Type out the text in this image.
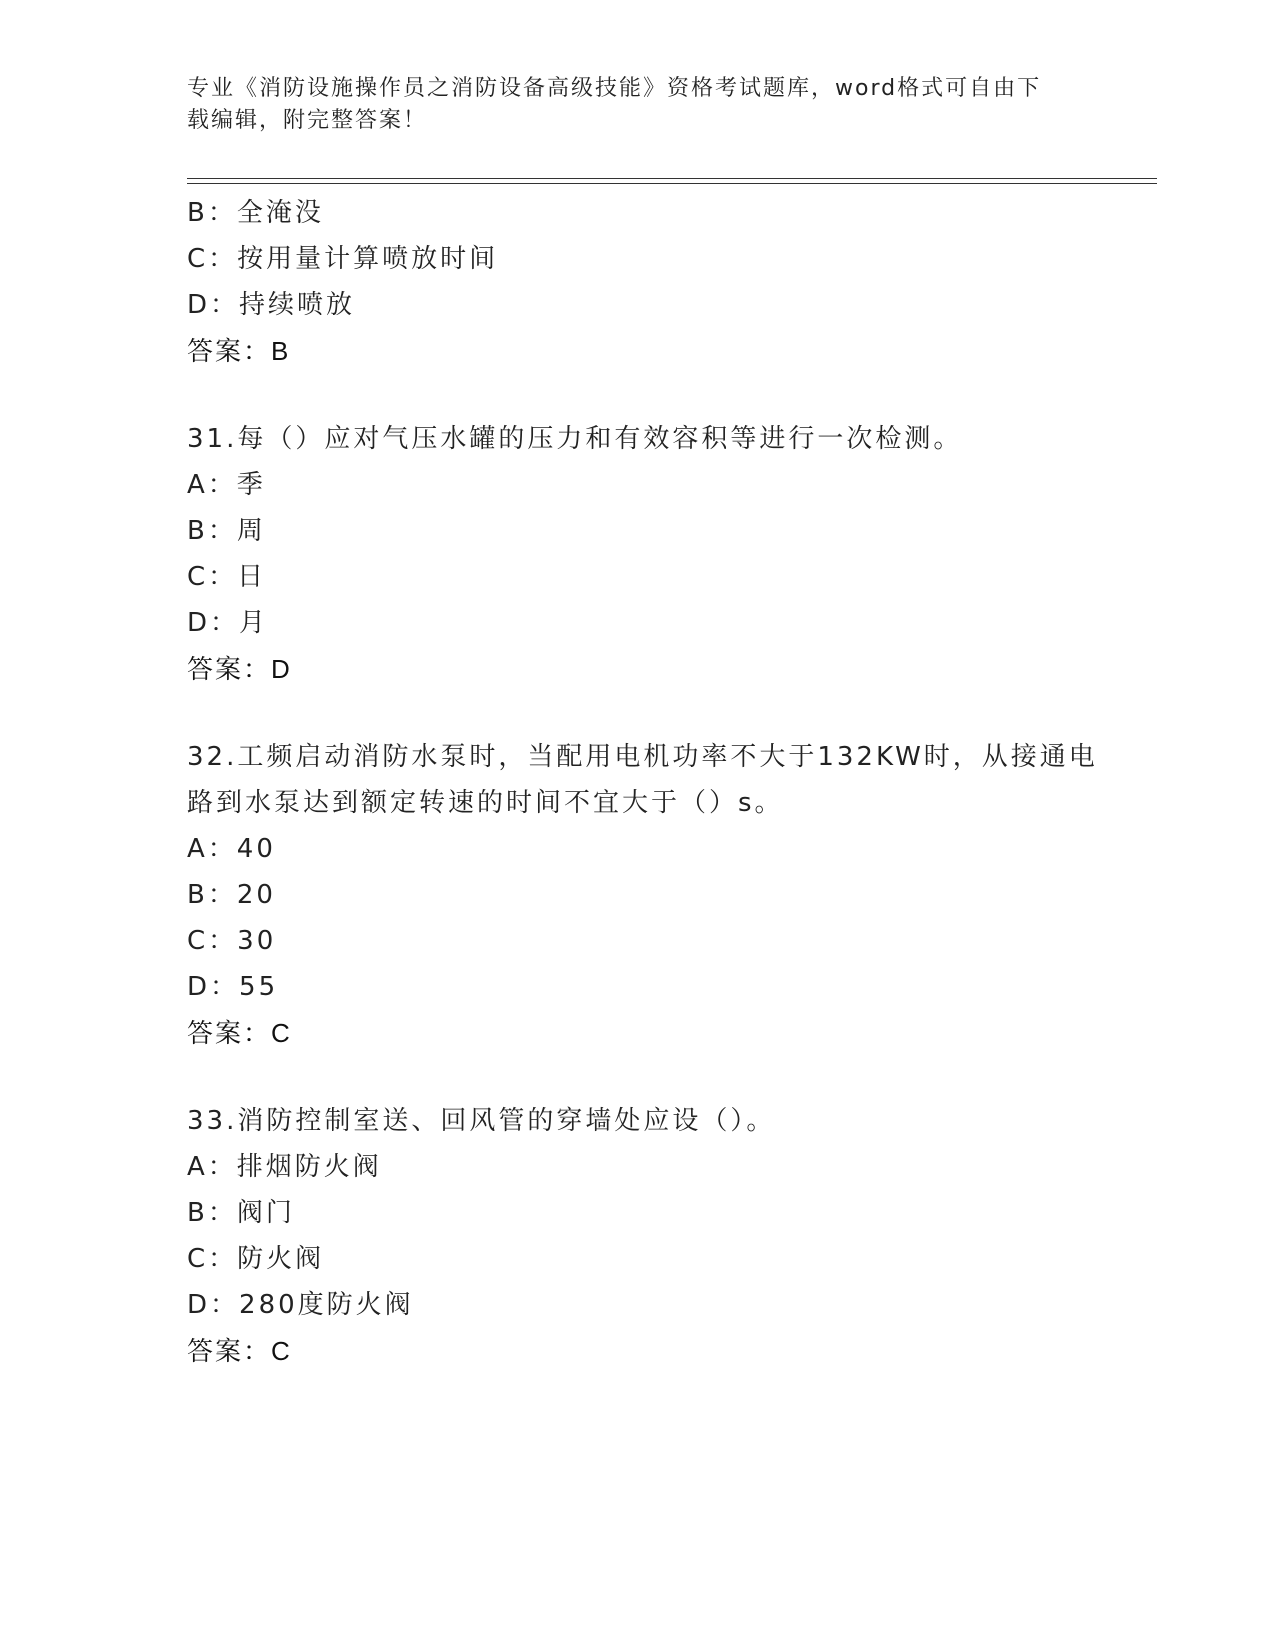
专业《消防设施操作员之消防设备高级技能》资格考试题库，word格式可自由下
载编辑，附完整答案！
B：全淹没
C：按用量计算喷放时间
D：持续喷放
答案：B
31.每（）应对气压水罐的压力和有效容积等进行一次检测。
A：季
B：周
C：日
D：月
答案：D
32.工频启动消防水泵时，当配用电机功率不大于132KW时，从接通电
路到水泵达到额定转速的时间不宜大于（）s。
A：40
B：20
C：30
D：55
答案：C
33.消防控制室送、回风管的穿墙处应设（）。
A：排烟防火阀
B：阀门
C：防火阀
D：280度防火阀
答案：C
